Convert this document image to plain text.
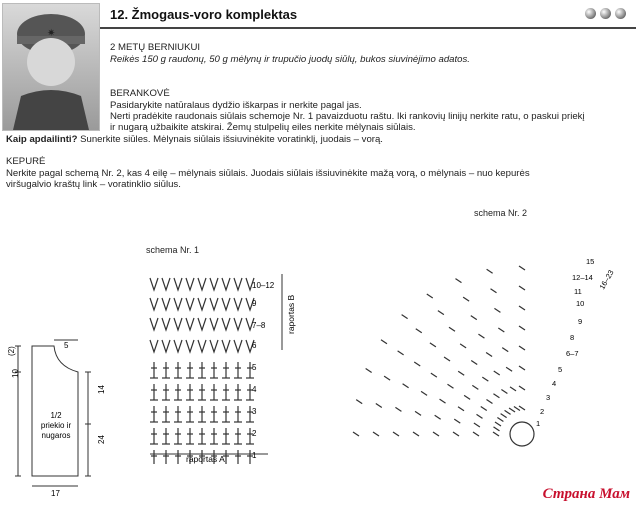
✷
12. Žmogaus-voro komplektas
2 METŲ BERNIUKUI
Reikės 150 g raudonų, 50 g mėlynų ir trupučio juodų siūlų, bukos siuvinėjimo adatos.
BERANKOVĖ
Pasidarykite natūralaus dydžio iškarpas ir nerkite pagal jas.
Nerti pradėkite raudonais siūlais schemoje Nr. 1 pavaizduotu raštu. Iki rankovių linijų nerkite ratu, o paskui priekį
ir nugarą užbaikite atskirai. Žemų stulpelių eiles nerkite mėlynais siūlais.
Kaip apdailinti? Sunerkite siūles. Mėlynais siūlais išsiuvinėkite voratinklį, juodais – vorą.
KEPURĖ
Nerkite pagal schemą Nr. 2, kas 4 eilę – mėlynais siūlais. Juodais siūlais išsiuvinėkite mažą vorą, o mėlynais – nuo kepurės
viršugalvio kraštų link – voratinklio siūlus.
schema Nr. 1
schema Nr. 2
10
(2)
14
24
5
17
1/2
priekio ir
nugaros
raportas B
raportas A
10–12
9
7–8
6
5
4
3
2
1
15
12–14 16–23
11
10
9
8
6–7
5
4
3
2
1
Страна Мам
